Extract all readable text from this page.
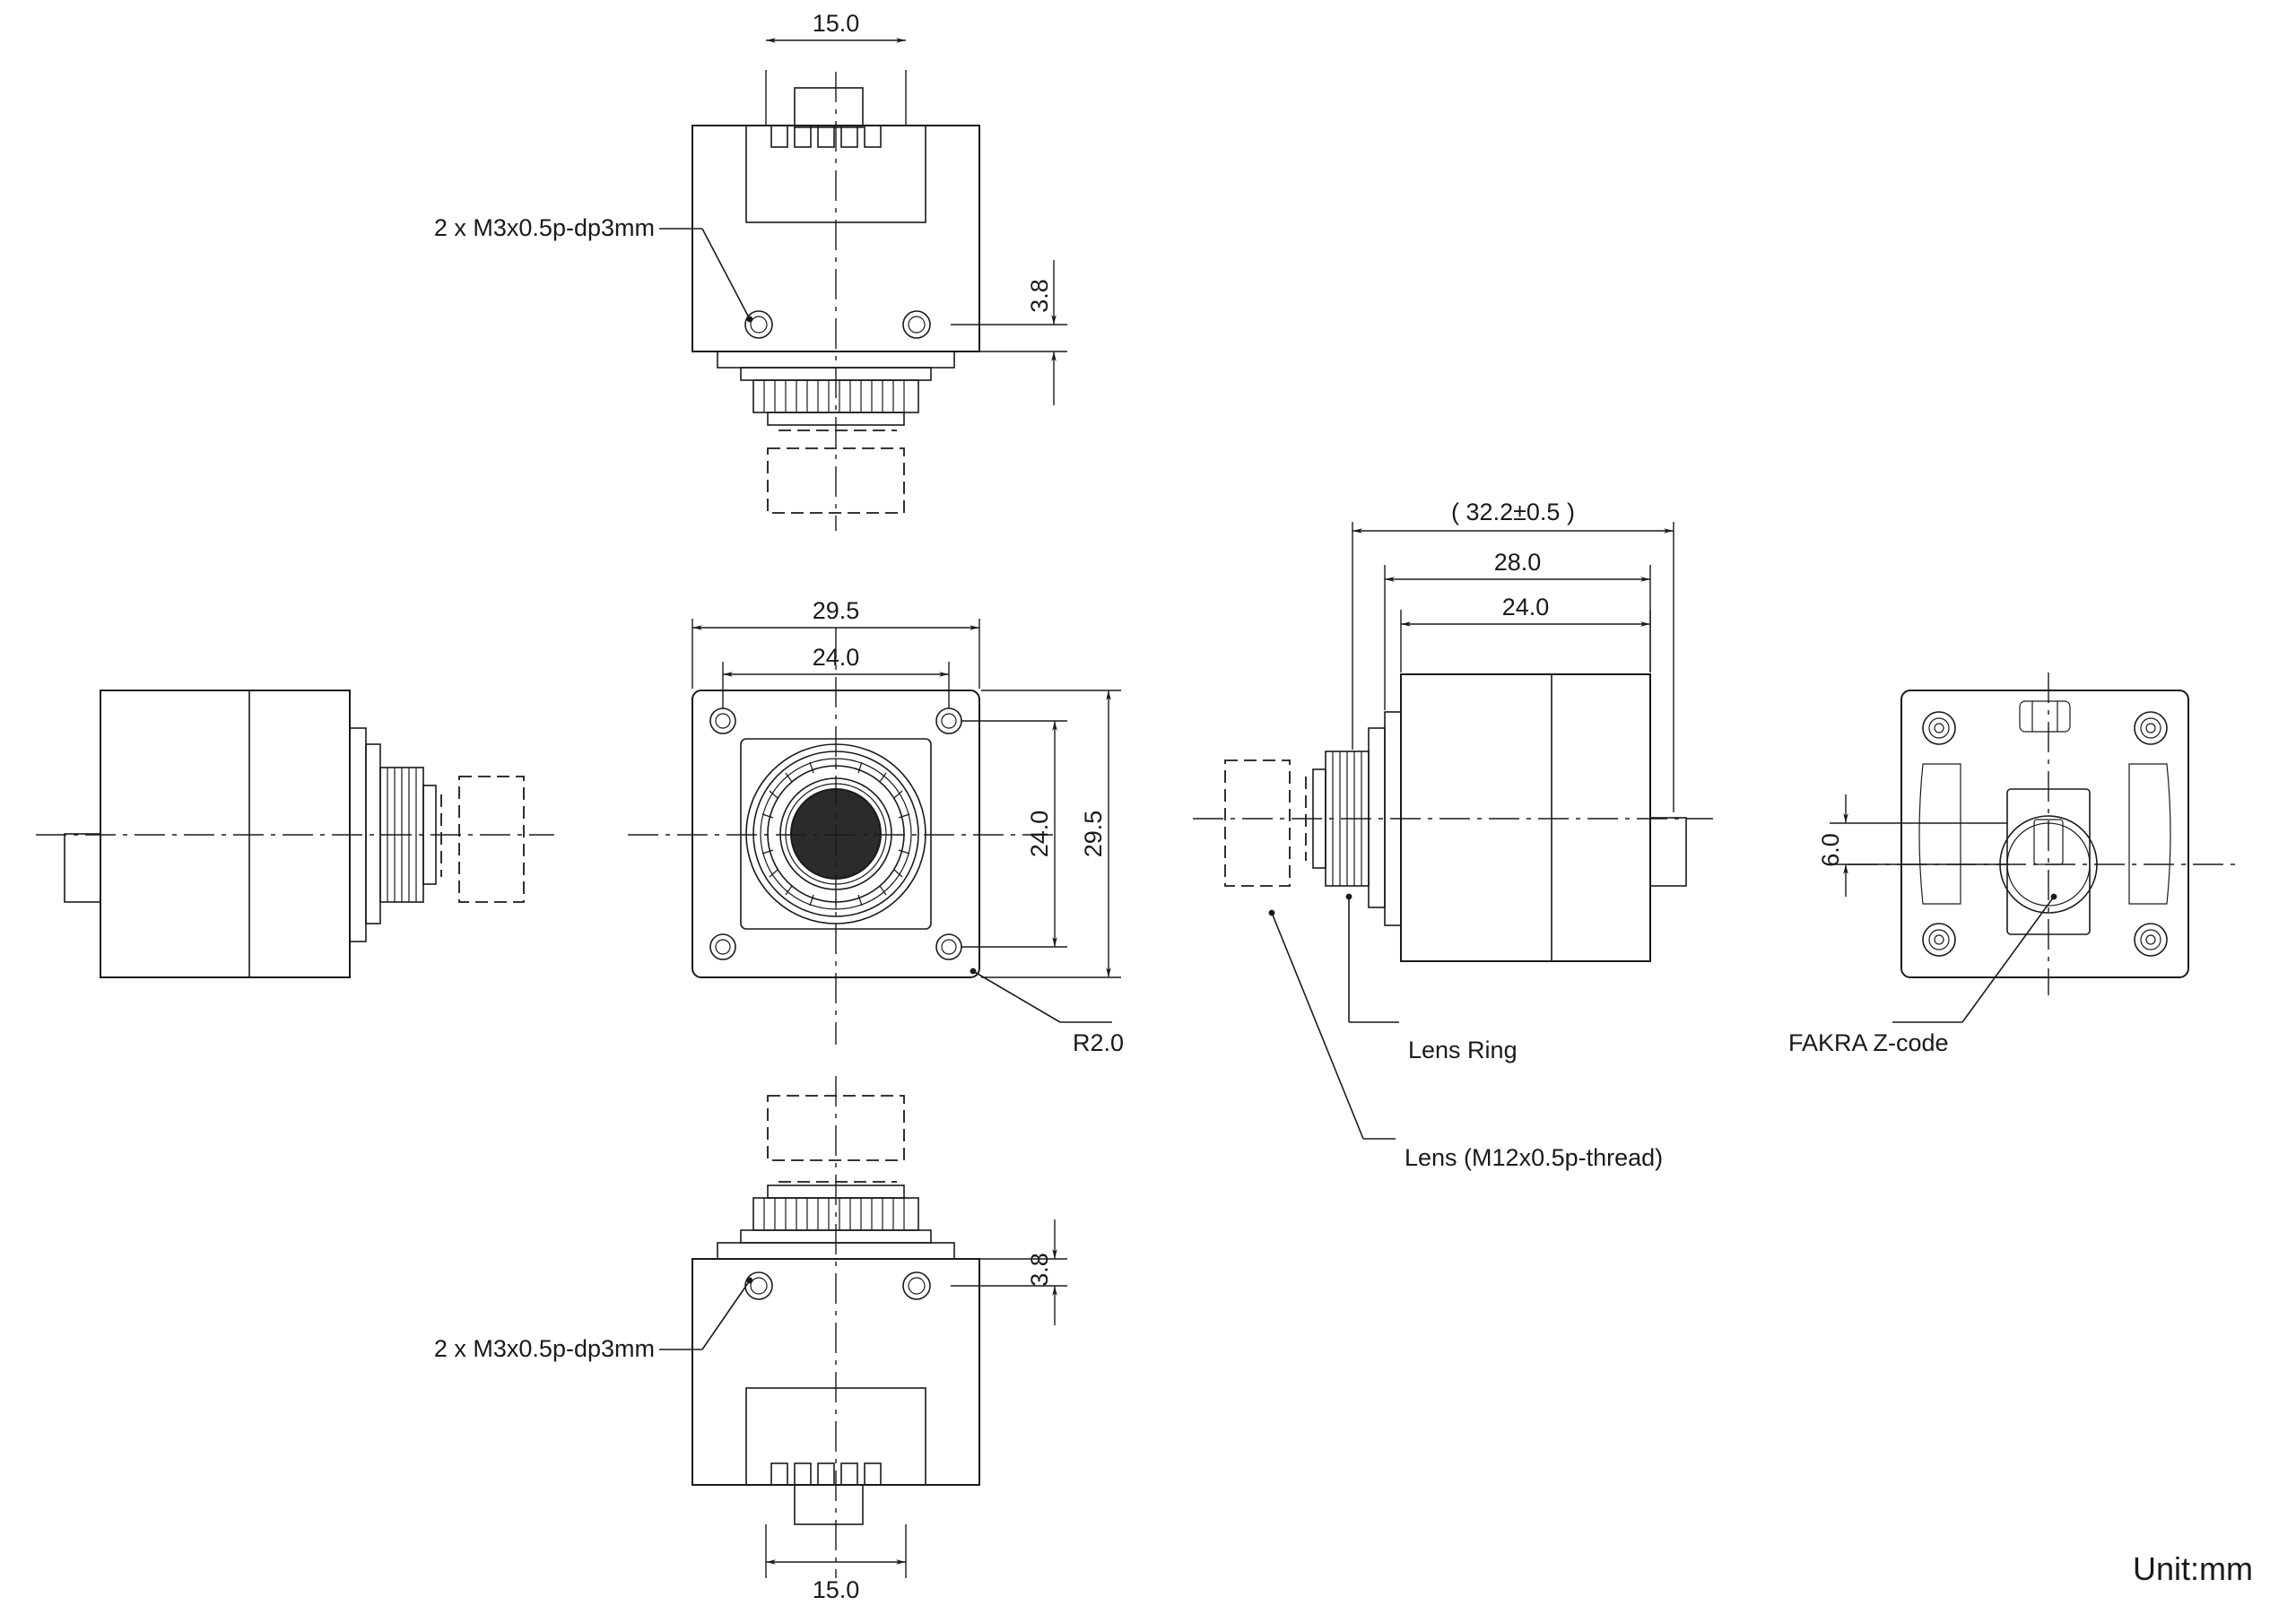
15.0
3.8
2 x M3x0.5p-dp3mm
29.5
24.0
24.0 29.5
R2.0
( 32.2±0.5 )
28.0
24.0
Lens Ring
Lens (M12x0.5p-thread)
6.0
FAKRA Z-code
3.8
15.0
2 x M3x0.5p-dp3mm
Unit:mm
